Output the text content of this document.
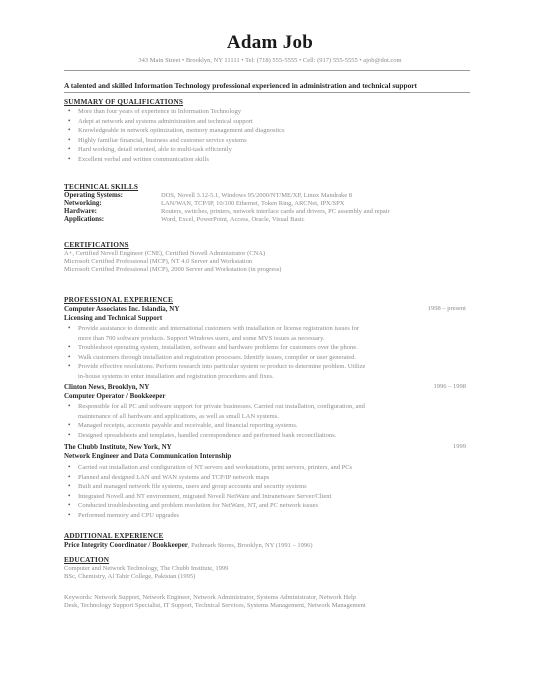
Adam Job
343 Main Street • Brooklyn, NY 11111 • Tel: (718) 555-5555 • Cell: (917) 555-5555 • ajob@dot.com
A talented and skilled Information Technology professional experienced in administration and technical support
SUMMARY OF QUALIFICATIONS
• More than four years of experience in Information Technology
• Adept at network and systems administration and technical support
• Knowledgeable in network optimization, memory management and diagnostics
• Highly familiar financial, business and customer service systems
• Hard working, detail oriented, able to multi-task efficiently
• Excellent verbal and written communication skills
TECHNICAL SKILLS
Operating Systems:	DOS, Novell 3.12-5.1, Windows 95/2000/NT/ME/XP, Linux Mandrake 8
Networking:	LAN/WAN, TCP/IP, 10/100 Ethernet, Token Ring, ARCNet, IPX/SPX
Hardware:	Routers, switches, printers, network interface cards and drivers, PC assembly and repair
Applications:	Word, Excel, PowerPoint, Access, Oracle, Visual Basic
CERTIFICATIONS
A+, Certified Novell Engineer (CNE), Certified Novell Administrator (CNA)
Microsoft Certified Professional (MCP), NT 4.0 Server and Workstation
Microsoft Certified Professional (MCP), 2000 Server and Workstation (in progress)
PROFESSIONAL EXPERIENCE
Computer Associates Inc. Islandia, NY	1998 – present
Licensing and Technical Support
• Provide assistance to domestic and international customers with installation or license registration issues for
more than 700 software products. Support Windows users, and some MVS issues as necessary.
• Troubleshoot operating system, installation, software and hardware problems for customers over the phone.
• Walk customers through installation and registration processes. Identify issues, compiler or user generated.
• Provide effective resolutions. Perform research into particular system or product to determine problem. Utilize
in-house systems to enter installation and registration procedures and fixes.
Clinton News, Brooklyn, NY	1996 – 1998
Computer Operator / Bookkeeper
• Responsible for all PC and software support for private businesses. Carried out installation, configuration, and
maintenance of all hardware and applications, as well as small LAN systems.
• Managed receipts, accounts payable and receivable, and financial reporting systems.
• Designed spreadsheets and templates, handled correspondence and performed bank reconciliations.
The Chubb Institute, New York, NY	1999
Network Engineer and Data Communication Internship
• Carried out installation and configuration of NT servers and workstations, print servers, printers, and PCs
• Planned and designed LAN and WAN systems and TCP/IP network maps
• Built and managed network file systems, users and group accounts and security systems
• Integrated Novell and NT environment, migrated Novell NetWare and Intranetware Server/Client
• Conducted troubleshooting and problem resolution for NetWare, NT, and PC network issues
• Performed memory and CPU upgrades
ADDITIONAL EXPERIENCE
Price Integrity Coordinator / Bookkeeper, Pathmark Stores, Brooklyn, NY (1991 – 1996)
EDUCATION
Computer and Network Technology, The Chubb Institute, 1999
BSc, Chemistry, Al Tahir College, Pakistan (1995)
Keywords: Network Support, Network Engineer, Network Administrator, Systems Administrator, Network Help
Desk, Technology Support Specialist, IT Support, Technical Services, Systems Management, Network Management
